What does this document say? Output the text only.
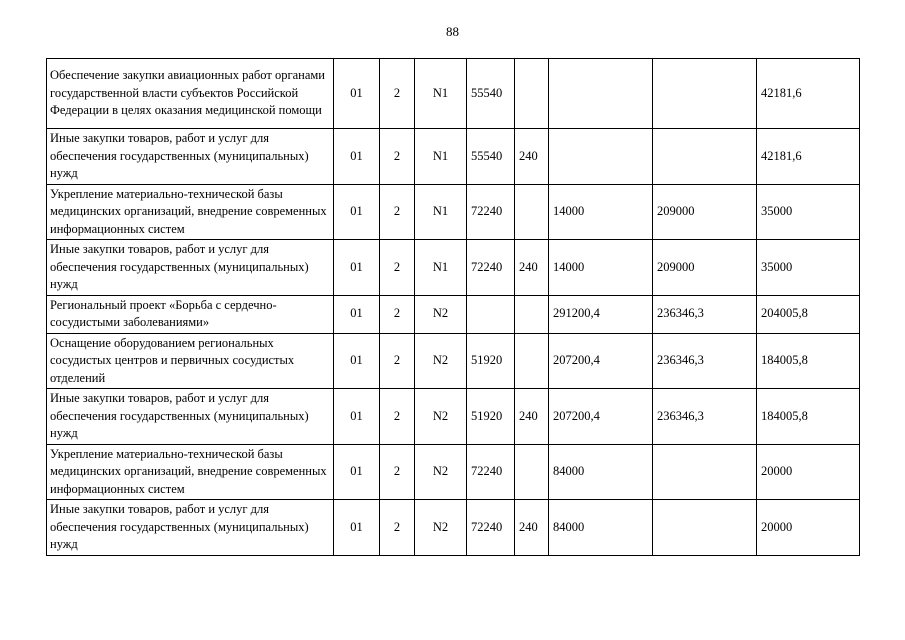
88
Обеспечение закупки авиационных работ органами государственной власти субъектов Российской Федерации в целях оказания медицинской помощи	01	2	N1	55540				42181,6
Иные закупки товаров, работ и услуг для обеспечения государственных (муниципальных) нужд	01	2	N1	55540	240			42181,6
Укрепление материально-технической базы медицинских организаций, внедрение современных информационных систем	01	2	N1	72240		14000	209000	35000
Иные закупки товаров, работ и услуг для обеспечения государственных (муниципальных) нужд	01	2	N1	72240	240	14000	209000	35000
Региональный проект «Борьба с сердечно-сосудистыми заболеваниями»	01	2	N2			291200,4	236346,3	204005,8
Оснащение оборудованием региональных сосудистых центров и первичных сосудистых отделений	01	2	N2	51920		207200,4	236346,3	184005,8
Иные закупки товаров, работ и услуг для обеспечения государственных (муниципальных) нужд	01	2	N2	51920	240	207200,4	236346,3	184005,8
Укрепление материально-технической базы медицинских организаций, внедрение современных информационных систем	01	2	N2	72240		84000		20000
Иные закупки товаров, работ и услуг для обеспечения государственных (муниципальных) нужд	01	2	N2	72240	240	84000		20000
